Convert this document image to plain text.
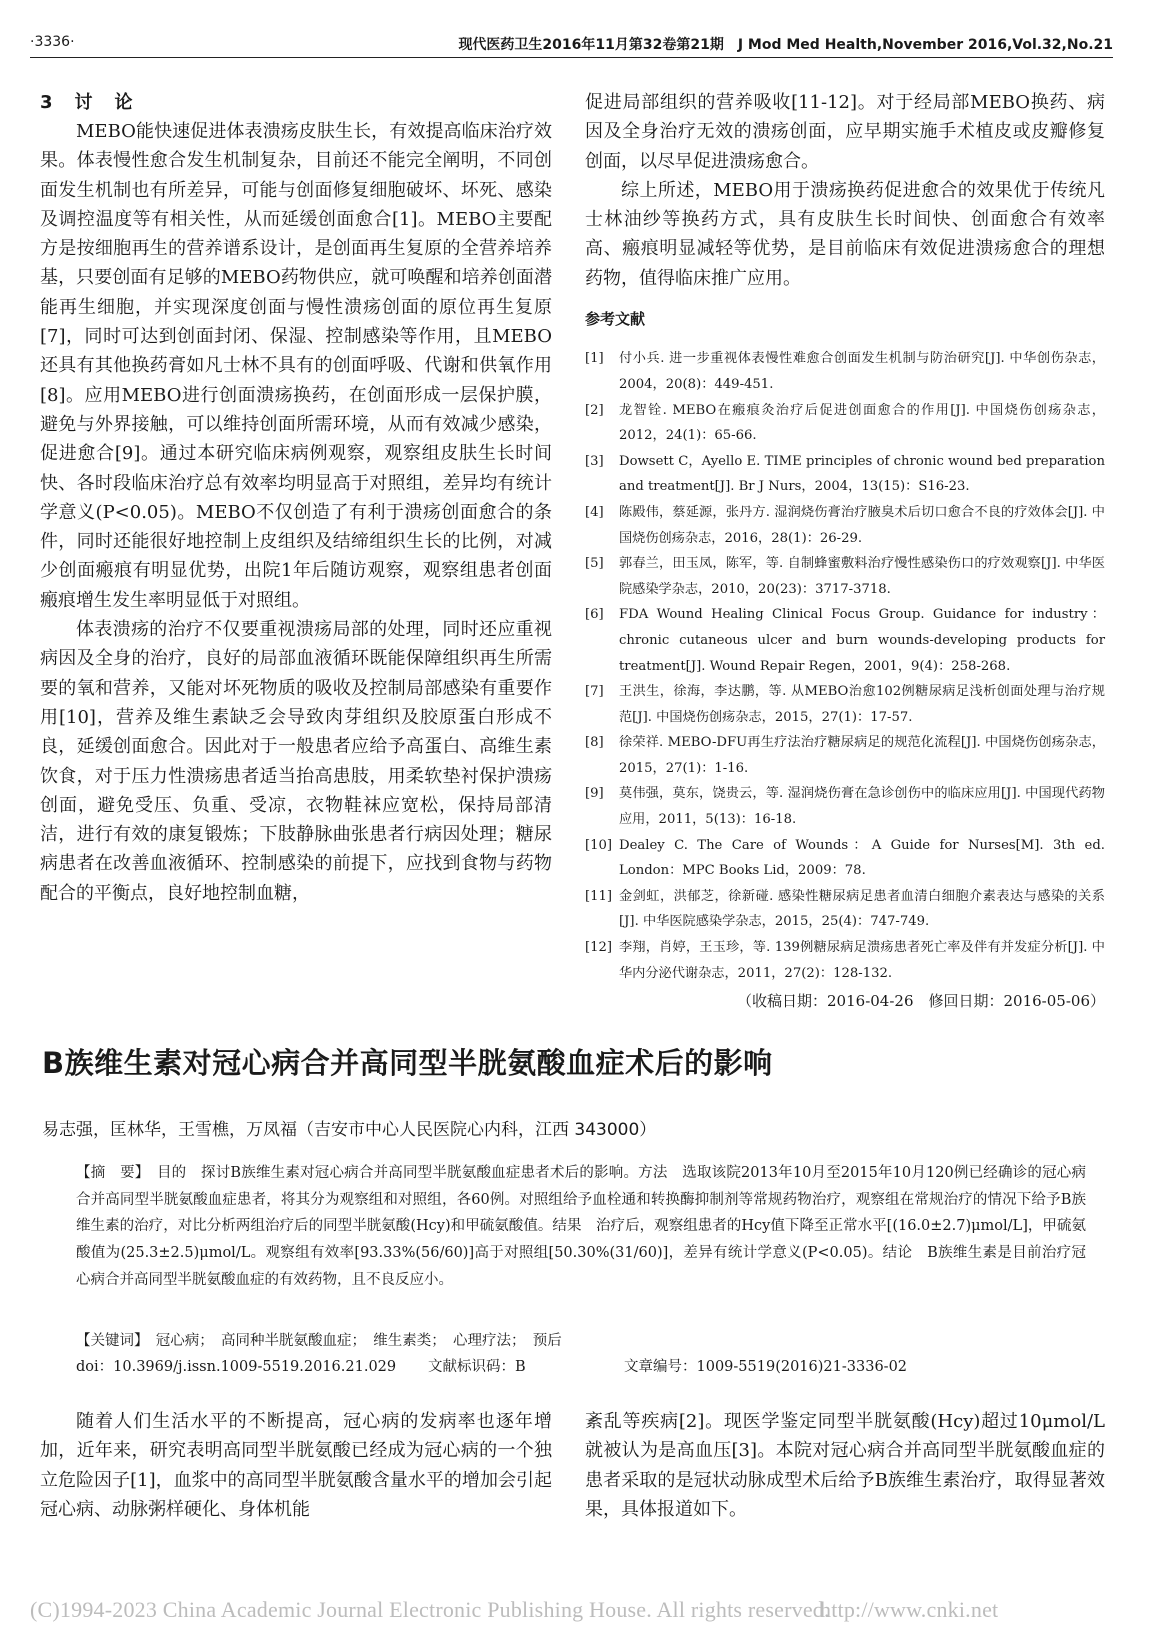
·3336·	现代医药卫生2016年11月第32卷第21期　J Mod Med Health,November 2016,Vol.32,No.21
3　讨　论

MEBO能快速促进体表溃疡皮肤生长，有效提高临床治疗效果。体表慢性愈合发生机制复杂，目前还不能完全阐明，不同创面发生机制也有所差异，可能与创面修复细胞破坏、坏死、感染及调控温度等有相关性，从而延缓创面愈合[1]。MEBO主要配方是按细胞再生的营养谱系设计，是创面再生复原的全营养培养基，只要创面有足够的MEBO药物供应，就可唤醒和培养创面潜能再生细胞，并实现深度创面与慢性溃疡创面的原位再生复原[7]，同时可达到创面封闭、保湿、控制感染等作用，且MEBO还具有其他换药膏如凡士林不具有的创面呼吸、代谢和供氧作用[8]。应用MEBO进行创面溃疡换药，在创面形成一层保护膜，避免与外界接触，可以维持创面所需环境，从而有效减少感染，促进愈合[9]。通过本研究临床病例观察，观察组皮肤生长时间快、各时段临床治疗总有效率均明显高于对照组，差异均有统计学意义(P<0.05)。MEBO不仅创造了有利于溃疡创面愈合的条件，同时还能很好地控制上皮组织及结缔组织生长的比例，对减少创面瘢痕有明显优势，出院1年后随访观察，观察组患者创面瘢痕增生发生率明显低于对照组。

体表溃疡的治疗不仅要重视溃疡局部的处理，同时还应重视病因及全身的治疗，良好的局部血液循环既能保障组织再生所需要的氧和营养，又能对坏死物质的吸收及控制局部感染有重要作用[10]，营养及维生素缺乏会导致肉芽组织及胶原蛋白形成不良，延缓创面愈合。因此对于一般患者应给予高蛋白、高维生素饮食，对于压力性溃疡患者适当抬高患肢，用柔软垫衬保护溃疡创面，避免受压、负重、受凉，衣物鞋袜应宽松，保持局部清洁，进行有效的康复锻炼；下肢静脉曲张患者行病因处理；糖尿病患者在改善血液循环、控制感染的前提下，应找到食物与药物配合的平衡点，良好地控制血糖，

促进局部组织的营养吸收[11-12]。对于经局部MEBO换药、病因及全身治疗无效的溃疡创面，应早期实施手术植皮或皮瓣修复创面，以尽早促进溃疡愈合。

综上所述，MEBO用于溃疡换药促进愈合的效果优于传统凡士林油纱等换药方式，具有皮肤生长时间快、创面愈合有效率高、瘢痕明显减轻等优势，是目前临床有效促进溃疡愈合的理想药物，值得临床推广应用。

参考文献
[1]	付小兵. 进一步重视体表慢性难愈合创面发生机制与防治研究[J]. 中华创伤杂志，2004，20(8)：449-451.
[2]	龙智铨. MEBO在瘢痕灸治疗后促进创面愈合的作用[J]. 中国烧伤创疡杂志，2012，24(1)：65-66.
[3]	Dowsett C，Ayello E. TIME principles of chronic wound bed preparation and treatment[J]. Br J Nurs，2004，13(15)：S16-23.
[4]	陈殿伟，蔡延源，张丹方. 湿润烧伤膏治疗腋臭术后切口愈合不良的疗效体会[J]. 中国烧伤创疡杂志，2016，28(1)：26-29.
[5]	郭春兰，田玉凤，陈军，等. 自制蜂蜜敷料治疗慢性感染伤口的疗效观察[J]. 中华医院感染学杂志，2010，20(23)：3717-3718.
[6]	FDA Wound Healing Clinical Focus Group. Guidance for industry：chronic cutaneous ulcer and burn wounds-developing products for treatment[J]. Wound Repair Regen，2001，9(4)：258-268.
[7]	王洪生，徐海，李达鹏，等. 从MEBO治愈102例糖尿病足浅析创面处理与治疗规范[J]. 中国烧伤创疡杂志，2015，27(1)：17-57.
[8]	徐荣祥. MEBO-DFU再生疗法治疗糖尿病足的规范化流程[J]. 中国烧伤创疡杂志，2015，27(1)：1-16.
[9]	莫伟强，莫东，饶贵云，等. 湿润烧伤膏在急诊创伤中的临床应用[J]. 中国现代药物应用，2011，5(13)：16-18.
[10] Dealey C. The Care of Wounds：A Guide for Nurses[M]. 3th ed. London：MPC Books Lid，2009：78.
[11] 金剑虹，洪郁芝，徐新碰. 感染性糖尿病足患者血清白细胞介素表达与感染的关系[J]. 中华医院感染学杂志，2015，25(4)：747-749.
[12] 李翔，肖婷，王玉珍，等. 139例糖尿病足溃疡患者死亡率及伴有并发症分析[J]. 中华内分泌代谢杂志，2011，27(2)：128-132.
（收稿日期：2016-04-26　修回日期：2016-05-06）
B族维生素对冠心病合并高同型半胱氨酸血症术后的影响
易志强，匡林华，王雪樵，万凤福（吉安市中心人民医院心内科，江西 343000）
【摘　要】　目的　探讨B族维生素对冠心病合并高同型半胱氨酸血症患者术后的影响。方法　选取该院2013年10月至2015年10月120例已经确诊的冠心病合并高同型半胱氨酸血症患者，将其分为观察组和对照组，各60例。对照组给予血栓通和转换酶抑制剂等常规药物治疗，观察组在常规治疗的情况下给予B族维生素的治疗，对比分析两组治疗后的同型半胱氨酸(Hcy)和甲硫氨酸值。结果　治疗后，观察组患者的Hcy值下降至正常水平[(16.0±2.7)μmol/L]，甲硫氨酸值为(25.3±2.5)μmol/L。观察组有效率[93.33%(56/60)]高于对照组[50.30%(31/60)]，差异有统计学意义(P<0.05)。结论　B族维生素是目前治疗冠心病合并高同型半胱氨酸血症的有效药物，且不良反应小。
【关键词】　冠心病；　高同种半胱氨酸血症；　维生素类；　心理疗法；　预后
doi：10.3969/j.issn.1009-5519.2016.21.029 文献标识码：B	文章编号：1009-5519(2016)21-3336-02

随着人们生活水平的不断提高，冠心病的发病率也逐年增加，近年来，研究表明高同型半胱氨酸已经成为冠心病的一个独立危险因子[1]，血浆中的高同型半胱氨酸含量水平的增加会引起冠心病、动脉粥样硬化、身体机能

紊乱等疾病[2]。现医学鉴定同型半胱氨酸(Hcy)超过10μmol/L就被认为是高血压[3]。本院对冠心病合并高同型半胱氨酸血症的患者采取的是冠状动脉成型术后给予B族维生素治疗，取得显著效果，具体报道如下。

(C)1994-2023 China Academic Journal Electronic Publishing House. All rights reserved.
http://www.cnki.net
